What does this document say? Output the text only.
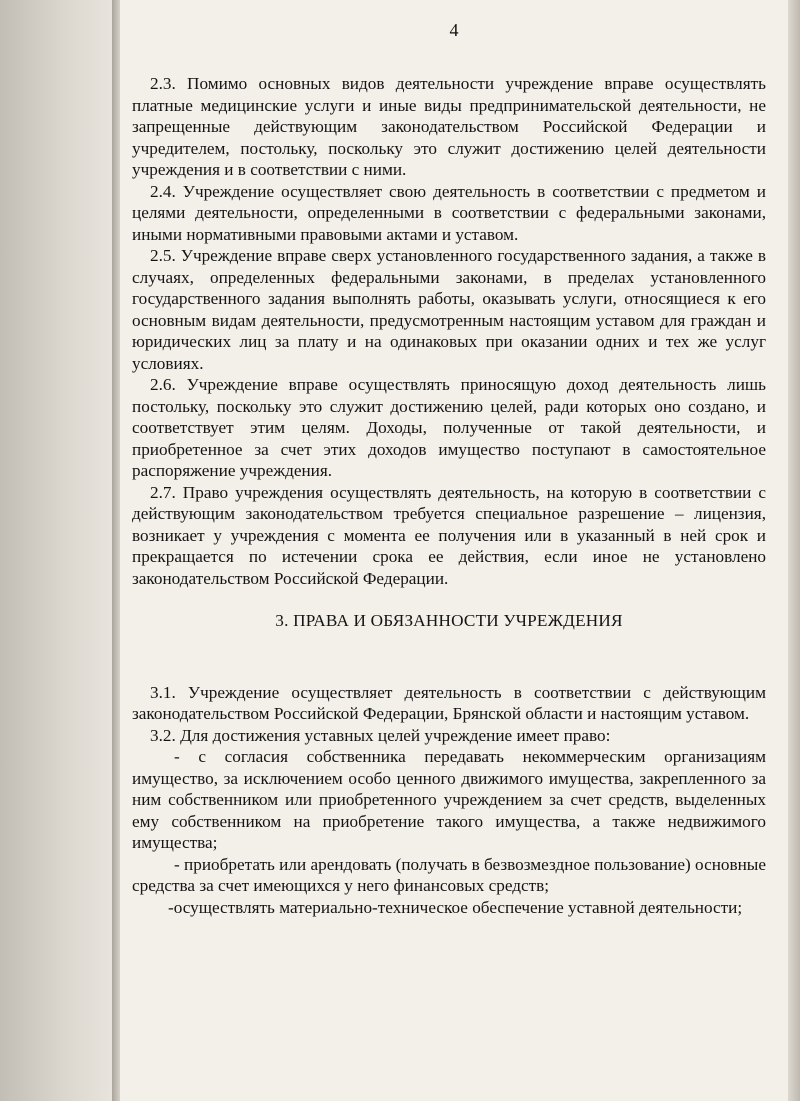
4

2.3. Помимо основных видов деятельности учреждение вправе осуществлять платные медицинские услуги и иные виды предпринимательской деятельности, не запрещенные действующим законодательством Российской Федерации и учредителем, постольку, поскольку это служит достижению целей деятельности учреждения и в соответствии с ними.

2.4. Учреждение осуществляет свою деятельность в соответствии с предметом и целями деятельности, определенными в соответствии с федеральными законами, иными нормативными правовыми актами и уставом.

2.5. Учреждение вправе сверх установленного государственного задания, а также в случаях, определенных федеральными законами, в пределах установленного государственного задания выполнять работы, оказывать услуги, относящиеся к его основным видам деятельности, предусмотренным настоящим уставом для граждан и юридических лиц за плату и на одинаковых при оказании одних и тех же услуг условиях.

2.6. Учреждение вправе осуществлять приносящую доход деятельность лишь постольку, поскольку это служит достижению целей, ради которых оно создано, и соответствует этим целям. Доходы, полученные от такой деятельности, и приобретенное за счет этих доходов имущество поступают в самостоятельное распоряжение учреждения.

2.7. Право учреждения осуществлять деятельность, на которую в соответствии с действующим законодательством требуется специальное разрешение – лицензия, возникает у учреждения с момента ее получения или в указанный в ней срок и прекращается по истечении срока ее действия, если иное не установлено законодательством Российской Федерации.

3. ПРАВА И ОБЯЗАННОСТИ УЧРЕЖДЕНИЯ

3.1. Учреждение осуществляет деятельность в соответствии с действующим законодательством Российской Федерации, Брянской области и настоящим уставом.

3.2. Для достижения уставных целей учреждение имеет право:

- с согласия собственника передавать некоммерческим организациям имущество, за исключением особо ценного движимого имущества, закрепленного за ним собственником или приобретенного учреждением за счет средств, выделенных ему собственником на приобретение такого имущества, а также недвижимого имущества;

- приобретать или арендовать (получать в безвозмездное пользование) основные средства за счет имеющихся у него финансовых средств;

-осуществлять материально-техническое обеспечение уставной деятельности;
